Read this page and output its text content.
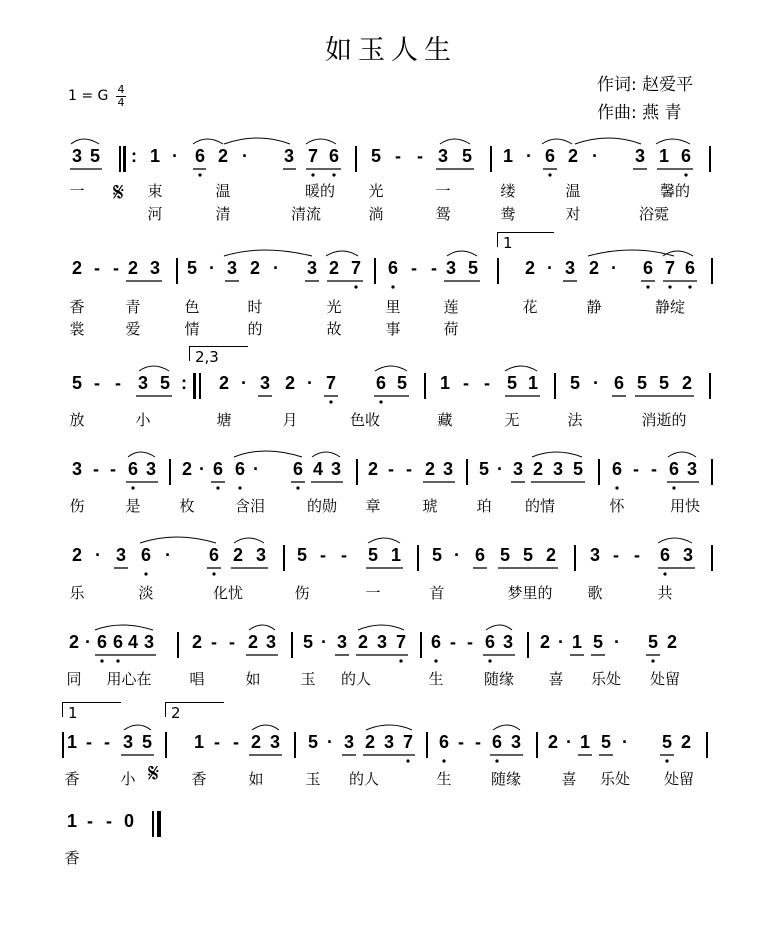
如玉人生
作词: 赵爱平
作曲: 燕 青
1 = G 4
4
3 5 : 1 · 6 2 · 3 7 6 5 - - 3 5 1 · 6 2 · 3 1 6
一	束	温	暖的 光	一	缕	温	馨的
河	清	清流	淌	鸳	鸯	对	浴霓
𝄋
1
2 - - 2 3 5 · 3 2 · 3 2 7 6 - - 3 5	2 · 3 2 · 6 7 6
香	青	色	时	光	里	莲	花	静	静绽
裳	爱	情	的	故	事	荷
2,3
5 - - 3 5 : 2 · 3 2 · 7 6 5 1 - - 5 1 5 · 6 5 5 2
放	小	塘	月	色收	藏	无	法	消逝的
3 - - 6 3 2 · 6 6 · 6 4 3 2 - - 2 3 5 · 3 2 3 5 6 - - 6 3
伤	是	枚	含泪	的勋 章	琥	珀 的情	怀	用快
2 · 3 6 · 6 2 3 5 - - 5 1 5 · 6 5 5 2 3 - - 6 3
乐	淡	化忧	伤	一	首	梦里的 歌	共
2 · 6 6 4 3 2 - - 2 3 5 · 3 2 3 7 6 - - 6 3 2 · 1 5 · 5 2
同 用心在	唱	如	玉 的人	生	随缘 喜 乐处 处留
1	2
1 - - 3 5 1 - - 2 3 5 · 3 2 3 7 6 - - 6 3 2 · 1 5 · 5 2
香	小	香	如	玉 的人	生	随缘	喜 乐处 处留
𝄋
1 - - 0
香
